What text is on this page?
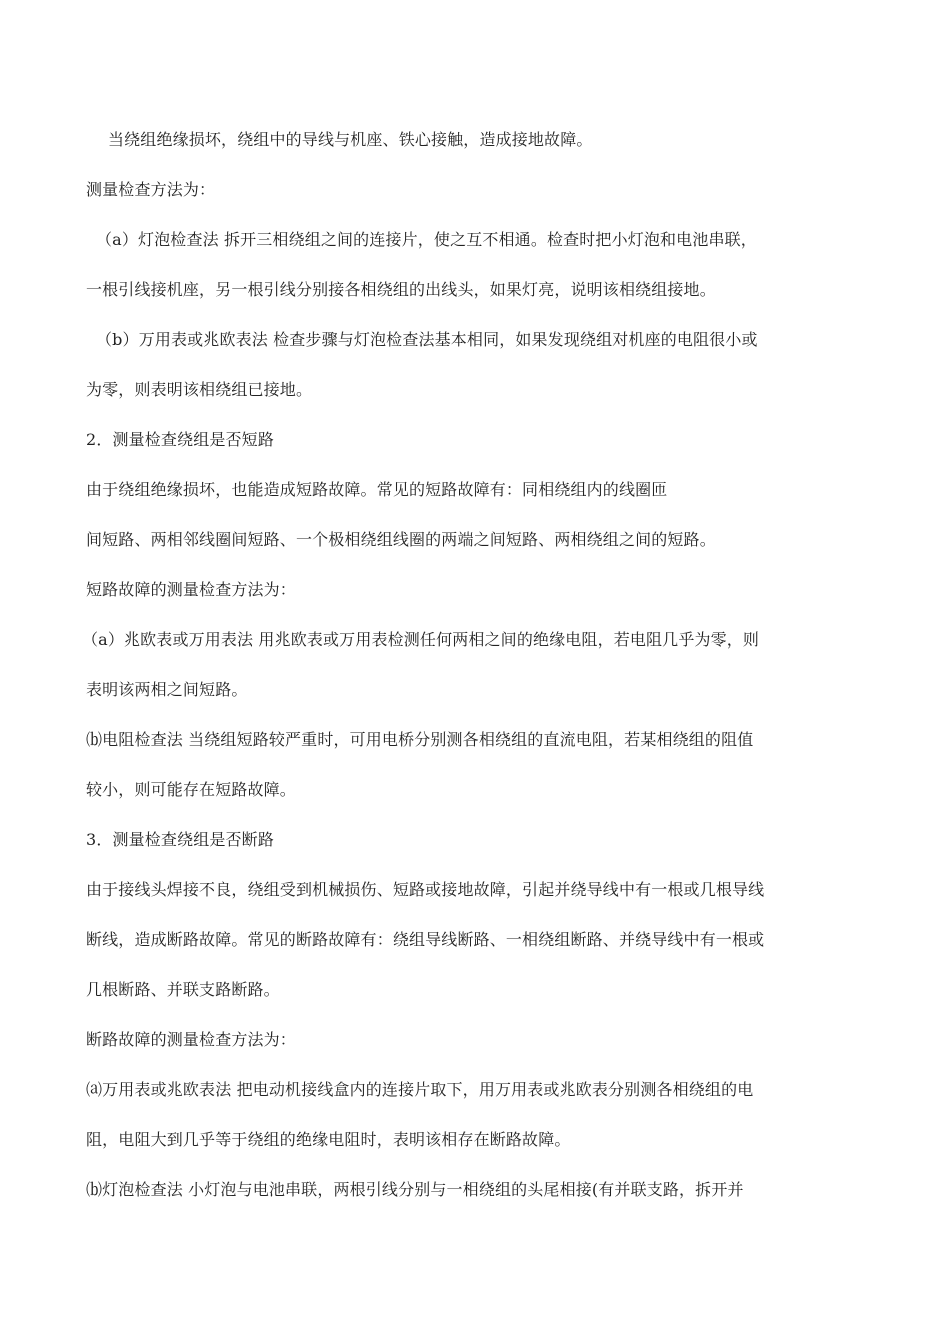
当绕组绝缘损坏，绕组中的导线与机座、铁心接触，造成接地故障。
测量检查方法为：
（a）灯泡检查法 拆开三相绕组之间的连接片，使之互不相通。检查时把小灯泡和电池串联，
一根引线接机座，另一根引线分别接各相绕组的出线头，如果灯亮，说明该相绕组接地。
（b）万用表或兆欧表法 检查步骤与灯泡检查法基本相同，如果发现绕组对机座的电阻很小或
为零，则表明该相绕组已接地。
2．测量检查绕组是否短路
由于绕组绝缘损坏，也能造成短路故障。常见的短路故障有：同相绕组内的线圈匝
间短路、两相邻线圈间短路、一个极相绕组线圈的两端之间短路、两相绕组之间的短路。
短路故障的测量检查方法为：
（a）兆欧表或万用表法 用兆欧表或万用表检测任何两相之间的绝缘电阻，若电阻几乎为零，则
表明该两相之间短路。
⒝电阻检查法 当绕组短路较严重时，可用电桥分别测各相绕组的直流电阻，若某相绕组的阻值
较小，则可能存在短路故障。
3．测量检查绕组是否断路
由于接线头焊接不良，绕组受到机械损伤、短路或接地故障，引起并绕导线中有一根或几根导线
断线，造成断路故障。常见的断路故障有：绕组导线断路、一相绕组断路、并绕导线中有一根或
几根断路、并联支路断路。
断路故障的测量检查方法为：
⒜万用表或兆欧表法 把电动机接线盒内的连接片取下，用万用表或兆欧表分别测各相绕组的电
阻，电阻大到几乎等于绕组的绝缘电阻时，表明该相存在断路故障。
⒝灯泡检查法 小灯泡与电池串联，两根引线分别与一相绕组的头尾相接(有并联支路，拆开并
